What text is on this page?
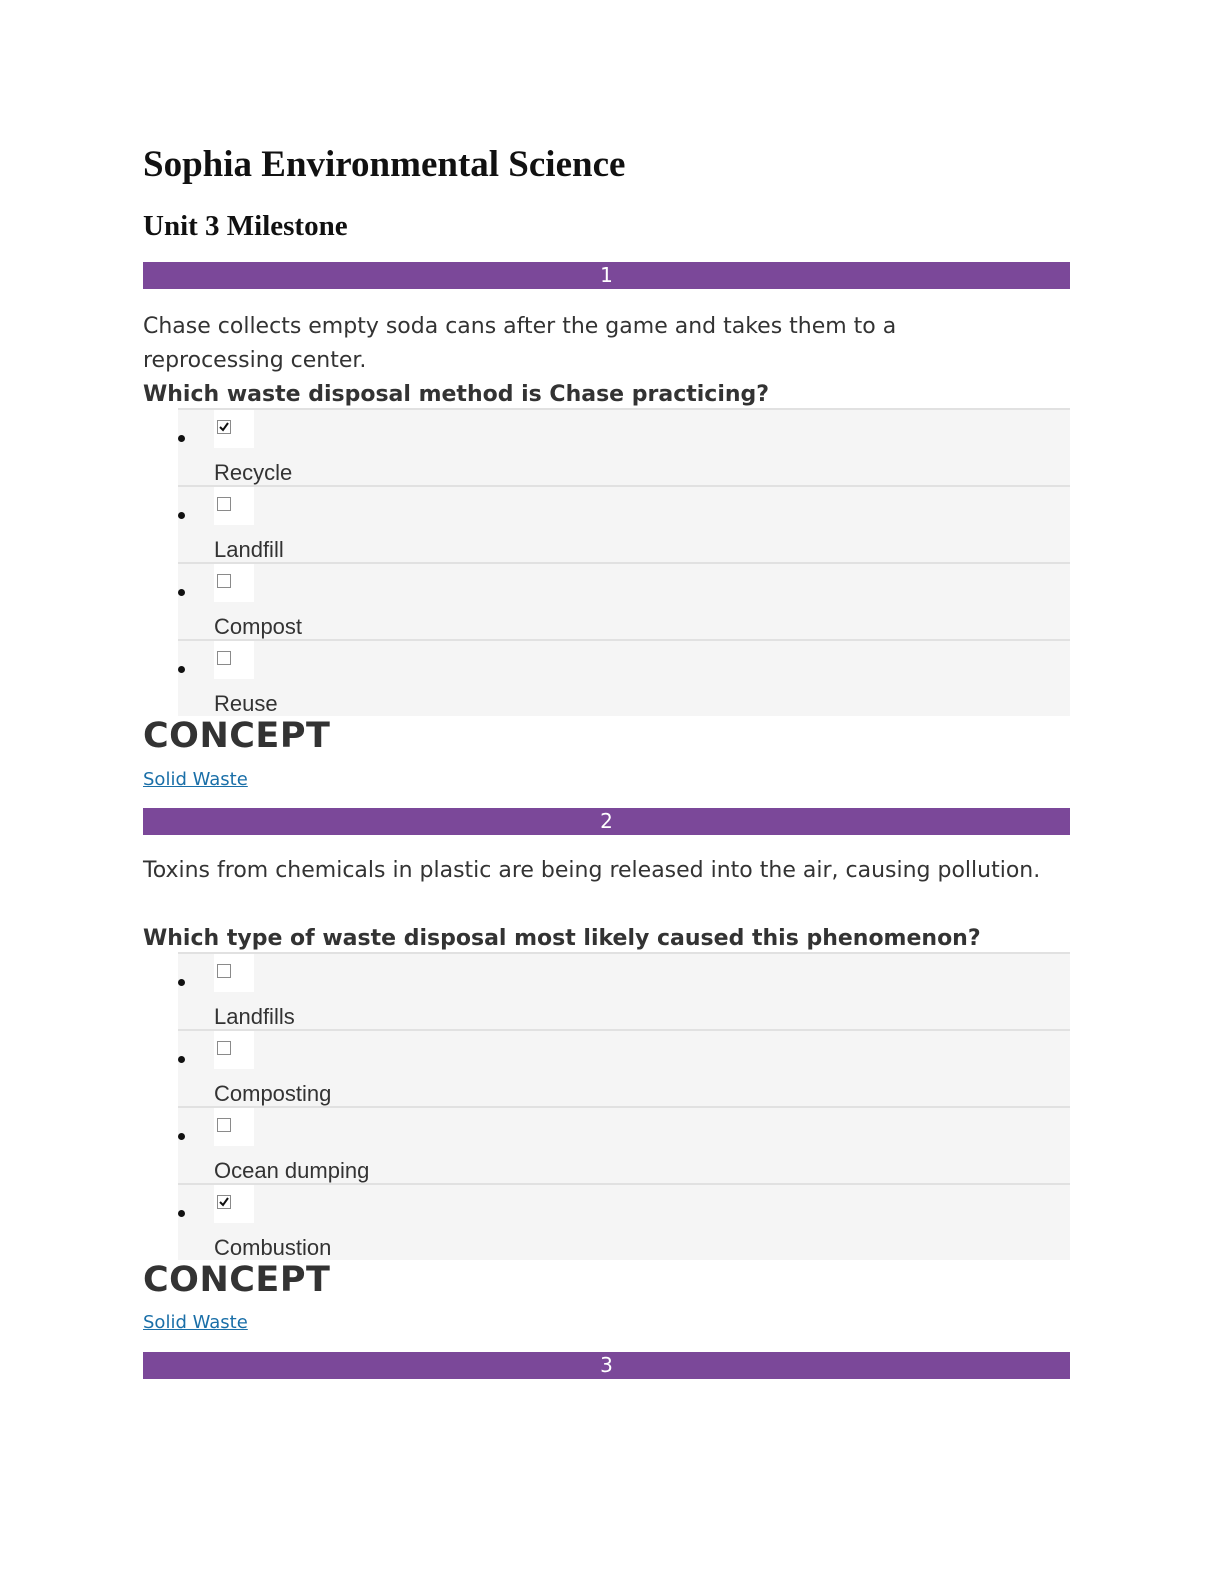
Sophia Environmental Science
Unit 3 Milestone
1

Chase collects empty soda cans after the game and takes them to a reprocessing center.

Which waste disposal method is Chase practicing?

Recycle
Landfill
Compost
Reuse

CONCEPT

Solid Waste
2

Toxins from chemicals in plastic are being released into the air, causing pollution.

Which type of waste disposal most likely caused this phenomenon?

Landfills
Composting
Ocean dumping
Combustion

CONCEPT

Solid Waste
3
